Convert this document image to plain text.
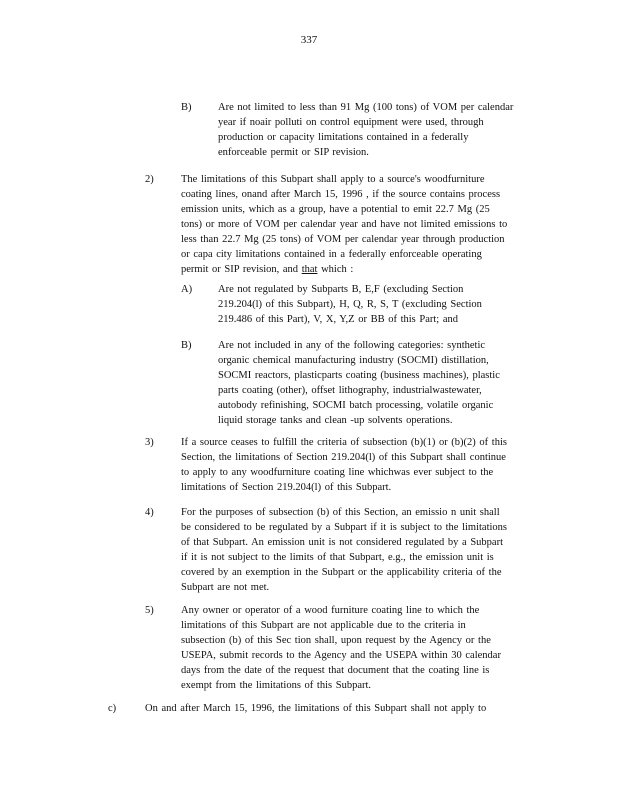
337
B)	Are not limited to less than 91 Mg (100 tons) of VOM per calendar
year if noair polluti on control equipment were used, through
production or capacity limitations contained in a federally
enforceable permit or SIP revision.
2)	The limitations of this Subpart shall apply to a source's woodfurniture
coating lines, onand after March 15, 1996 , if the source contains process
emission units, which as a group, have a potential to emit 22.7 Mg (25
tons) or more of VOM per calendar year and have not limited emissions to
less than 22.7 Mg (25 tons) of VOM per calendar year through production
or capa city limitations contained in a federally enforceable operating
permit or SIP revision, and that which :
A) Are not regulated by Subparts B, E,F (excluding Section
219.204(l) of this Subpart), H, Q, R, S, T (excluding Section
219.486 of this Part), V, X, Y,Z or BB of this Part; and
B)	Are not included in any of the following categories: synthetic
organic chemical manufacturing industry (SOCMI) distillation,
SOCMI reactors, plasticparts coating (business machines), plastic
parts coating (other), offset lithography, industrialwastewater,
autobody refinishing, SOCMI batch processing, volatile organic
liquid storage tanks and clean -up solvents operations.
3)	If a source ceases to fulfill the criteria of subsection (b)(1) or (b)(2) of this
Section, the limitations of Section 219.204(l) of this Subpart shall continue
to apply to any woodfurniture coating line whichwas ever subject to the
limitations of Section 219.204(l) of this Subpart.
4)	For the purposes of subsection (b) of this Section, an emissio n unit shall
be considered to be regulated by a Subpart if it is subject to the limitations
of that Subpart. An emission unit is not considered regulated by a Subpart
if it is not subject to the limits of that Subpart, e.g., the emission unit is
covered by an exemption in the Subpart or the applicability criteria of the
Subpart are not met.
5)	Any owner or operator of a wood furniture coating line to which the
limitations of this Subpart are not applicable due to the criteria in
subsection (b) of this Sec tion shall, upon request by the Agency or the
USEPA, submit records to the Agency and the USEPA within 30 calendar
days from the date of the request that document that the coating line is
exempt from the limitations of this Subpart.
c)	On and after March 15, 1996, the limitations of this Subpart shall not apply to
